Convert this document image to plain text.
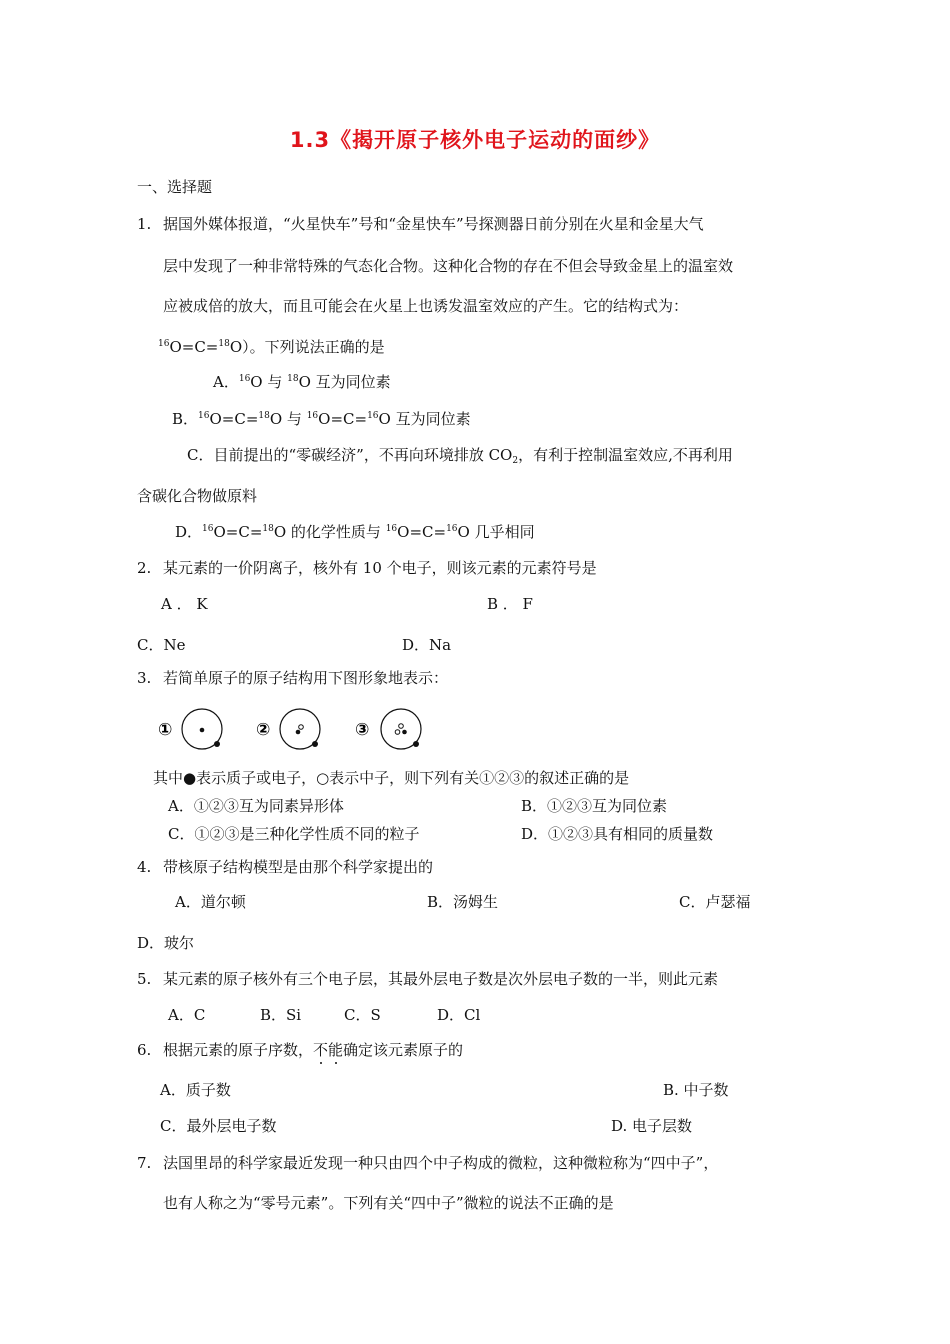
1.3《揭开原子核外电子运动的面纱》
一、选择题
1. 据国外媒体报道，“火星快车”号和“金星快车”号探测器日前分别在火星和金星大气
层中发现了一种非常特殊的气态化合物。这种化合物的存在不但会导致金星上的温室效
应被成倍的放大，而且可能会在火星上也诱发温室效应的产生。它的结构式为：
$^{16}$O=C=$^{18}$O）。下列说法正确的是
A．$^{16}$O 与 $^{18}$O 互为同位素
B．$^{16}$O=C=$^{18}$O 与 $^{16}$O=C=$^{16}$O 互为同位素
C．目前提出的“零碳经济”，不再向环境排放 $CO_2$，有利于控制温室效应,不再利用
含碳化合物做原料
D．$^{16}$O=C=$^{18}$O 的化学性质与 $^{16}$O=C=$^{16}$O 几乎相同
2. 某元素的一价阴离子，核外有 10 个电子，则该元素的元素符号是
A ． K	B ． F
C．Ne	D．Na
3. 若简单原子的原子结构用下图形象地表示：
①	②	③
其中●表示质子或电子，○表示中子，则下列有关①②③的叙述正确的是
A．①②③互为同素异形体	B．①②③互为同位素
C．①②③是三种化学性质不同的粒子	D．①②③具有相同的质量数
4. 带核原子结构模型是由那个科学家提出的
A．道尔顿	B．汤姆生	C．卢瑟福
D．玻尔
5. 某元素的原子核外有三个电子层，其最外层电子数是次外层电子数的一半，则此元素
A．C	B．Si	C．S	D．Cl
6. 根据元素的原子序数，不能确定该元素原子的
A．质子数	B. 中子数
C．最外层电子数	D. 电子层数
7. 法国里昂的科学家最近发现一种只由四个中子构成的微粒，这种微粒称为“四中子”，
也有人称之为“零号元素”。下列有关“四中子”微粒的说法不正确的是
